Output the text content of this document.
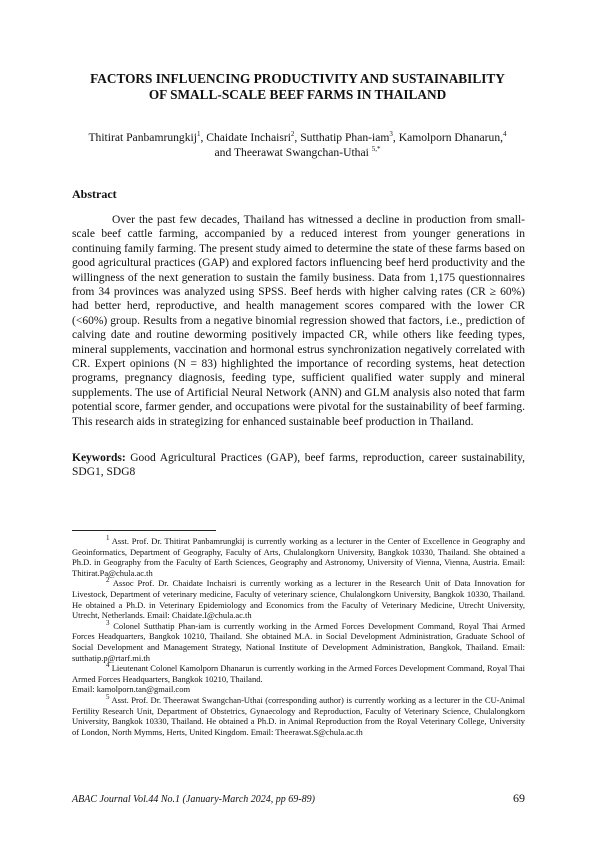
FACTORS INFLUENCING PRODUCTIVITY AND SUSTAINABILITY
OF SMALL-SCALE BEEF FARMS IN THAILAND
Thitirat Panbamrungkij$^1$, Chaidate Inchaisri$^2$, Sutthatip Phan-iam$^3$, Kamolporn Dhanarun,$^4$
and Theerawat Swangchan-Uthai $^{5,*}$
Abstract

Over the past few decades, Thailand has witnessed a decline in production from small-scale beef cattle farming, accompanied by a reduced interest from younger generations in continuing family farming. The present study aimed to determine the state of these farms based on good agricultural practices (GAP) and explored factors influencing beef herd productivity and the willingness of the next generation to sustain the family business. Data from 1,175 questionnaires from 34 provinces was analyzed using SPSS. Beef herds with higher calving rates (CR ≥ 60%) had better herd, reproductive, and health management scores compared with the lower CR (<60%) group. Results from a negative binomial regression showed that factors, i.e., prediction of calving date and routine deworming positively impacted CR, while others like feeding types, mineral supplements, vaccination and hormonal estrus synchronization negatively correlated with CR. Expert opinions (N = 83) highlighted the importance of recording systems, heat detection programs, pregnancy diagnosis, feeding type, sufficient qualified water supply and mineral supplements. The use of Artificial Neural Network (ANN) and GLM analysis also noted that farm potential score, farmer gender, and occupations were pivotal for the sustainability of beef farming. This research aids in strategizing for enhanced sustainable beef production in Thailand.

Keywords: Good Agricultural Practices (GAP), beef farms, reproduction, career sustainability, SDG1, SDG8

$^1$ Asst. Prof. Dr. Thitirat Panbamrungkij is currently working as a lecturer in the Center of Excellence in Geography and Geoinformatics, Department of Geography, Faculty of Arts, Chulalongkorn University, Bangkok 10330, Thailand. She obtained a Ph.D. in Geography from the Faculty of Earth Sciences, Geography and Astronomy, University of Vienna, Vienna, Austria. Email: Thitirat.Pa@chula.ac.th

$^2$ Assoc Prof. Dr. Chaidate Inchaisri is currently working as a lecturer in the Research Unit of Data Innovation for Livestock, Department of veterinary medicine, Faculty of veterinary science, Chulalongkorn University, Bangkok 10330, Thailand. He obtained a Ph.D. in Veterinary Epidemiology and Economics from the Faculty of Veterinary Medicine, Utrecht University, Utrecht, Netherlands. Email: Chaidate.I@chula.ac.th

$^3$ Colonel Sutthatip Phan-iam is currently working in the Armed Forces Development Command, Royal Thai Armed Forces Headquarters, Bangkok 10210, Thailand. She obtained M.A. in Social Development Administration, Graduate School of Social Development and Management Strategy, National Institute of Development Administration, Bangkok, Thailand. Email: sutthatip.p@rtarf.mi.th

$^4$ Lieutenant Colonel Kamolporn Dhanarun is currently working in the Armed Forces Development Command, Royal Thai Armed Forces Headquarters, Bangkok 10210, Thailand.

Email: kamolporn.tan@gmail.com

$^5$ Asst. Prof. Dr. Theerawat Swangchan-Uthai (corresponding author) is currently working as a lecturer in the CU-Animal Fertility Research Unit, Department of Obstetrics, Gynaecology and Reproduction, Faculty of Veterinary Science, Chulalongkorn University, Bangkok 10330, Thailand. He obtained a Ph.D. in Animal Reproduction from the Royal Veterinary College, University of London, North Mymms, Herts, United Kingdom. Email: Theerawat.S@chula.ac.th

ABAC Journal Vol.44 No.1 (January-March 2024, pp 69-89)	69
